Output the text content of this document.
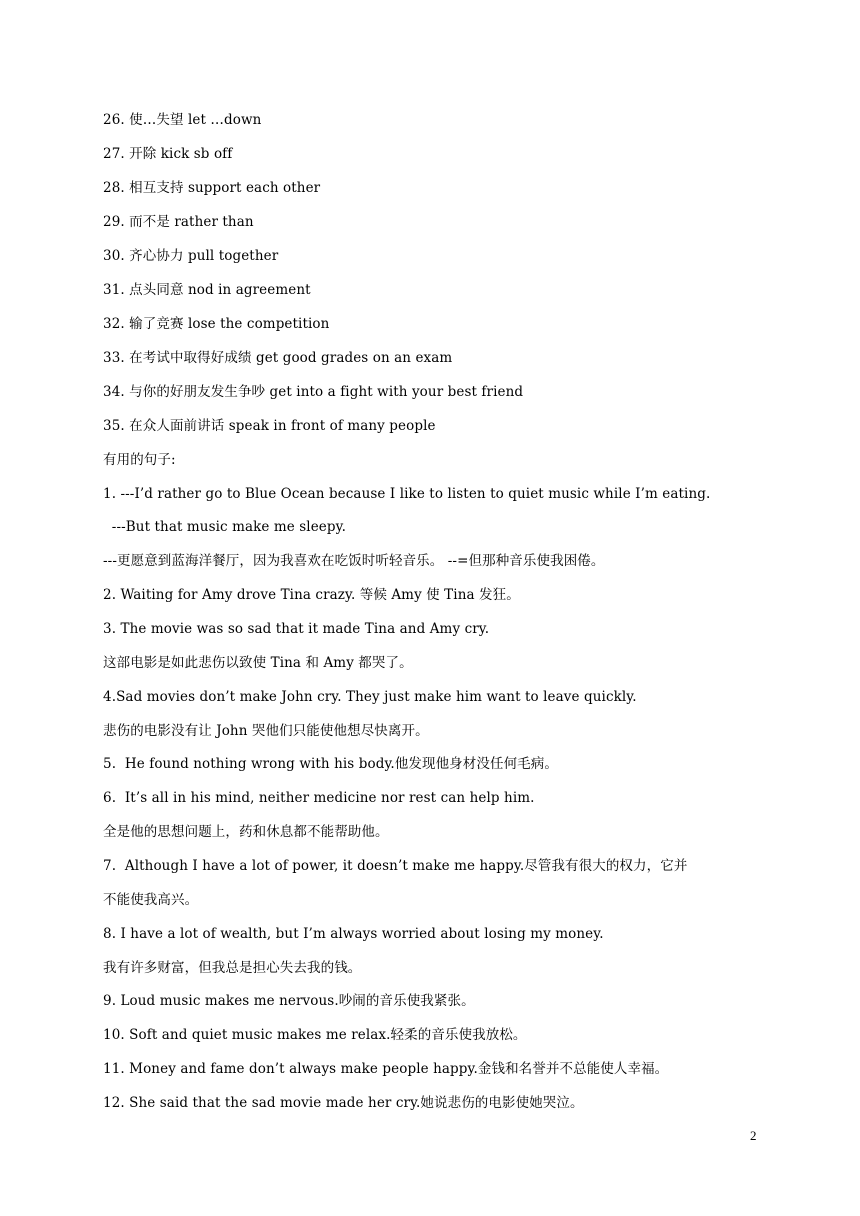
26. 使…失望 let …down
27. 开除 kick sb off
28. 相互支持 support each other
29. 而不是 rather than
30. 齐心协力 pull together
31. 点头同意 nod in agreement
32. 输了竞赛 lose the competition
33. 在考试中取得好成绩 get good grades on an exam
34. 与你的好朋友发生争吵 get into a fight with your best friend
35. 在众人面前讲话 speak in front of many people
有用的句子:
1. ---I’d rather go to Blue Ocean because I like to listen to quiet music while I’m eating.
---But that music make me sleepy.
---更愿意到蓝海洋餐厅，因为我喜欢在吃饭时听轻音乐。 --=但那种音乐使我困倦。
2. Waiting for Amy drove Tina crazy. 等候 Amy 使 Tina 发狂。
3. The movie was so sad that it made Tina and Amy cry.
这部电影是如此悲伤以致使 Tina 和 Amy 都哭了。
4.Sad movies don’t make John cry. They just make him want to leave quickly.
悲伤的电影没有让 John 哭他们只能使他想尽快离开。
5.  He found nothing wrong with his body.他发现他身材没任何毛病。
6.  It’s all in his mind, neither medicine nor rest can help him.
全是他的思想问题上，药和休息都不能帮助他。
7.  Although I have a lot of power, it doesn’t make me happy.尽管我有很大的权力，它并
不能使我高兴。
8. I have a lot of wealth, but I’m always worried about losing my money.
我有许多财富，但我总是担心失去我的钱。
9. Loud music makes me nervous.吵闹的音乐使我紧张。
10. Soft and quiet music makes me relax.轻柔的音乐使我放松。
11. Money and fame don’t always make people happy.金钱和名誉并不总能使人幸福。
12. She said that the sad movie made her cry.她说悲伤的电影使她哭泣。
2
